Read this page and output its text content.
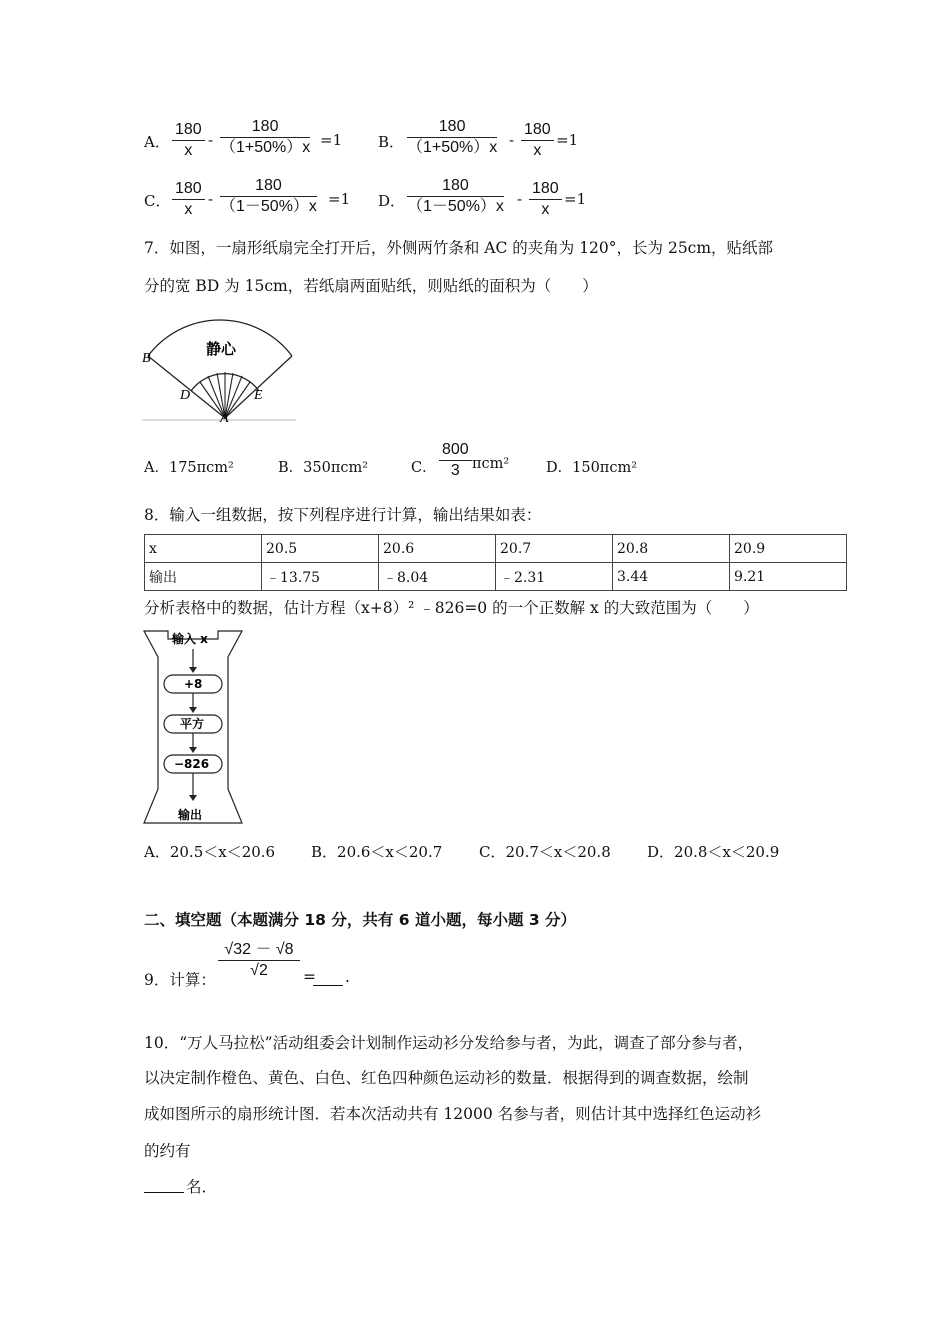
A． $\frac{180}{x} - \frac{180}{(1+50\%)x} =1$ B． $\frac{180}{(1+50\%)x} - \frac{180}{x} =1$
C． $\frac{180}{x} - \frac{180}{(1-50\%)x} =1$ D． $\frac{180}{(1-50\%)x} - \frac{180}{x} =1$
7．如图，一扇形纸扇完全打开后，外侧两竹条和 AC 的夹角为 120°，长为 25cm，贴纸部
分的宽 BD 为 15cm，若纸扇两面贴纸，则贴纸的面积为（　　）
静心
B
D	E
A
A．175πcm²	B．350πcm²	C． $\frac{800}{3} \pi cm^2$	D．150πcm²
8．输入一组数据，按下列程序进行计算，输出结果如表：
x	20.5	20.6	20.7	20.8	20.9
输出	﹣13.75	﹣8.04	﹣2.31	3.44	9.21
分析表格中的数据，估计方程（x+8）² ﹣826=0 的一个正数解 x 的大致范围为（　　）
输入 x
+8
平方
−826
输出
A．20.5＜x＜20.6 B．20.6＜x＜20.7 C．20.7＜x＜20.8 D．20.8＜x＜20.9
二、填空题（本题满分 18 分，共有 6 道小题，每小题 3 分）
9．计算： $\frac{√32 - √8}{√2}$ = .
10．“万人马拉松”活动组委会计划制作运动衫分发给参与者，为此，调查了部分参与者，
以决定制作橙色、黄色、白色、红色四种颜色运动衫的数量．根据得到的调查数据，绘制
成如图所示的扇形统计图．若本次活动共有 12000 名参与者，则估计其中选择红色运动衫
的约有
名．
